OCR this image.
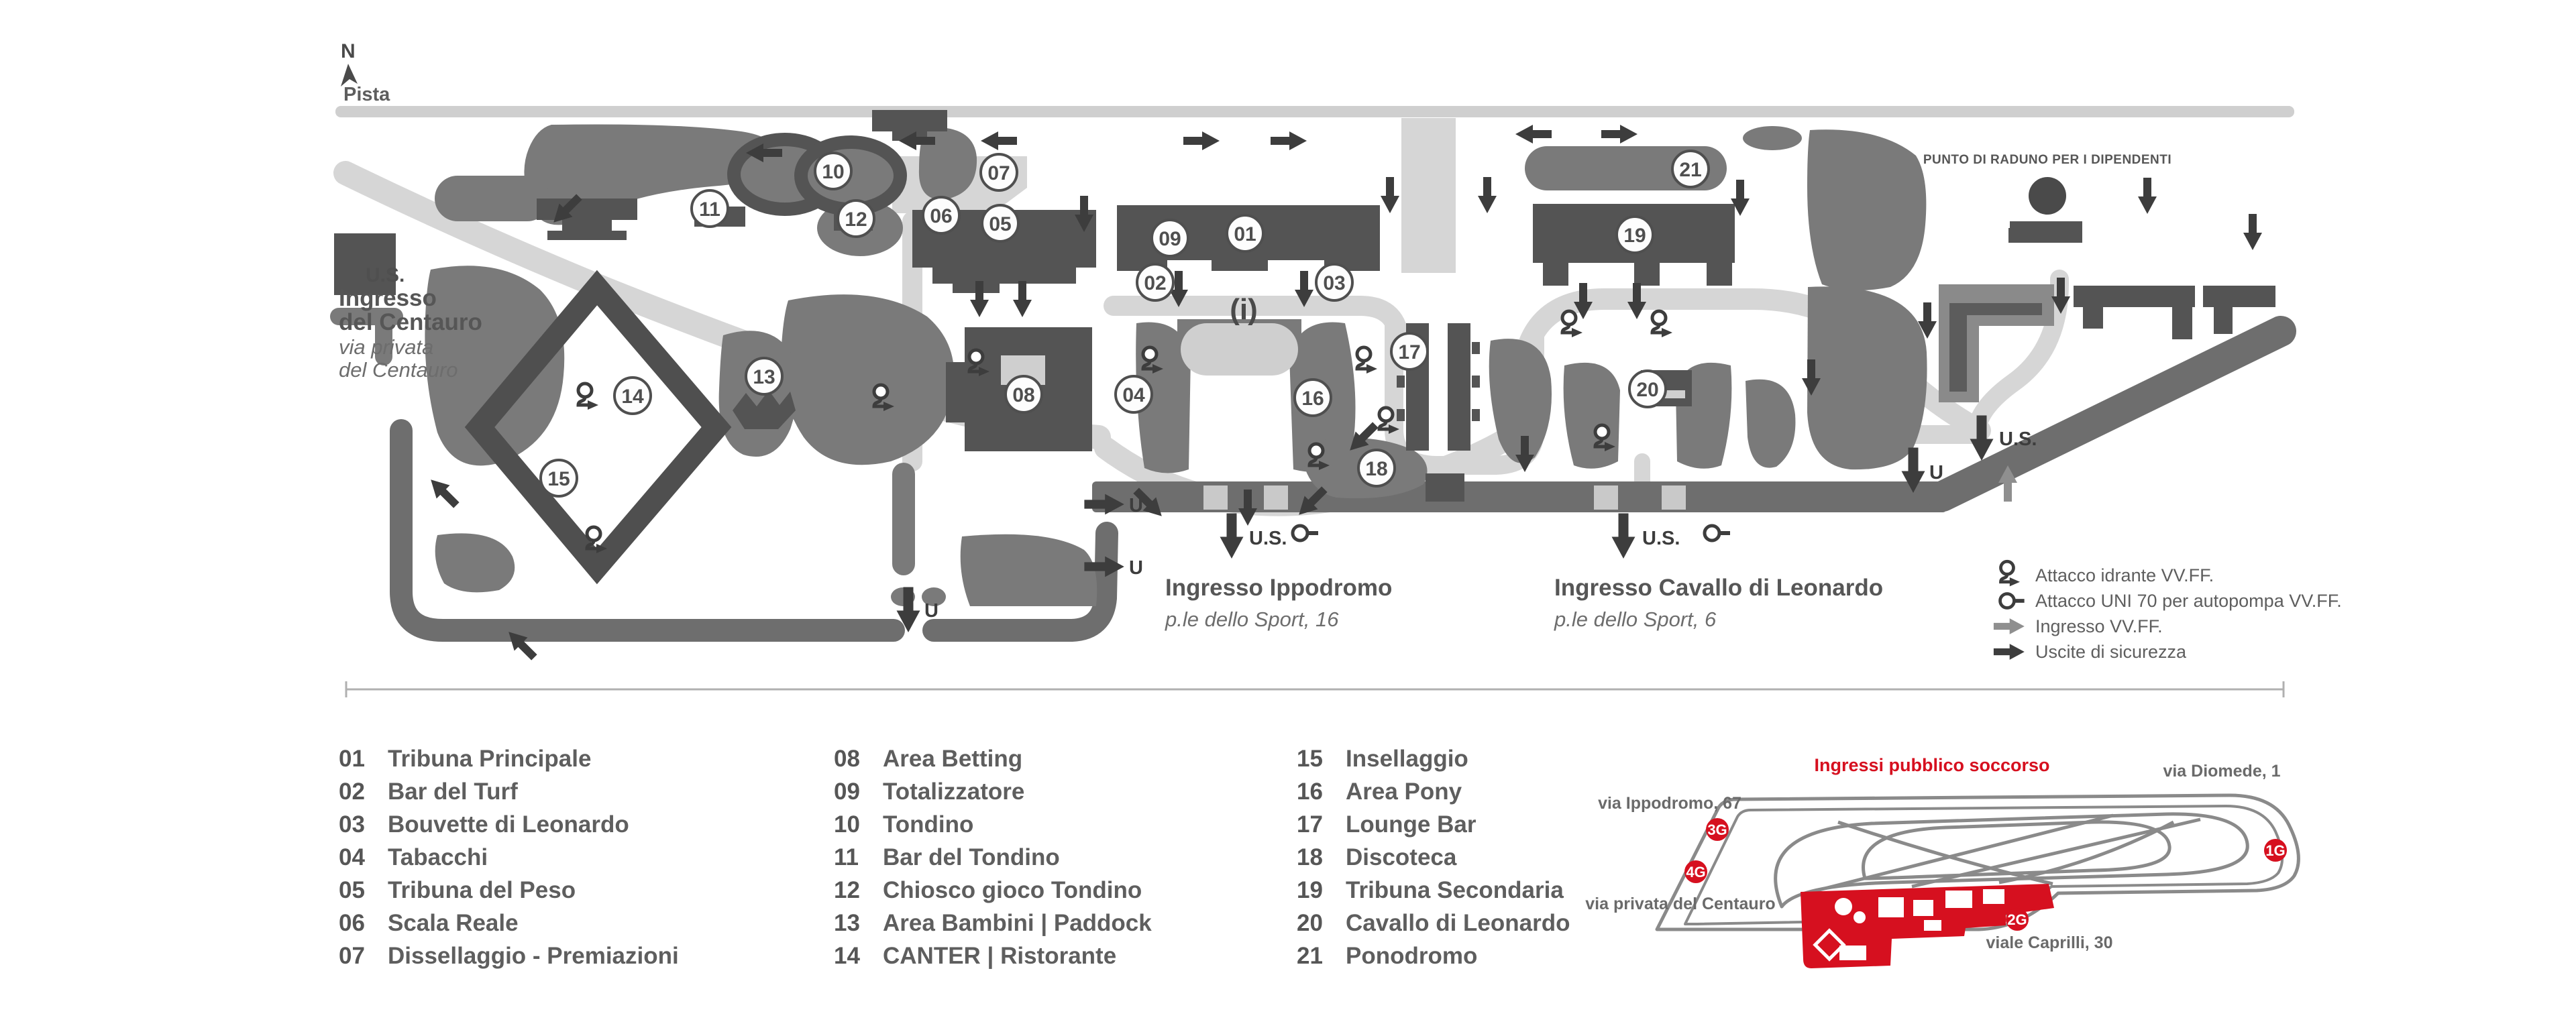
N
Pista
U.S.
Ingresso
del Centauro
via privata
del Centauro
Ingresso Ippodromo
p.le dello Sport, 16
Ingresso Cavallo di Leonardo
p.le dello Sport, 6
PUNTO DI RADUNO PER I DIPENDENTI
(i)
U
U
U
U
U.S.	U.S.
U.S.
01
02	03
04
05
06
07
08
09
10
11	12
13
14
15
16
17
18
19
20
21
Attacco idrante VV.FF.
Attacco UNI 70 per autopompa VV.FF.
Ingresso VV.FF.
Uscite di sicurezza
01 Tribuna Principale
02 Bar del Turf
03 Bouvette di Leonardo
04 Tabacchi
05 Tribuna del Peso
06 Scala Reale
07 Dissellaggio - Premiazioni
08 Area Betting
09 Totalizzatore
10 Tondino
11 Bar del Tondino
12 Chiosco gioco Tondino
13 Area Bambini | Paddock
14 CANTER | Ristorante
15 Insellaggio
16 Area Pony
17 Lounge Bar
18 Discoteca
19 Tribuna Secondaria
20 Cavallo di Leonardo
21 Ponodromo
Ingressi pubblico soccorso	via Diomede, 1
via Ippodromo, 67
via privata del Centauro
viale Caprilli, 30
3G
4G
2G
1G
